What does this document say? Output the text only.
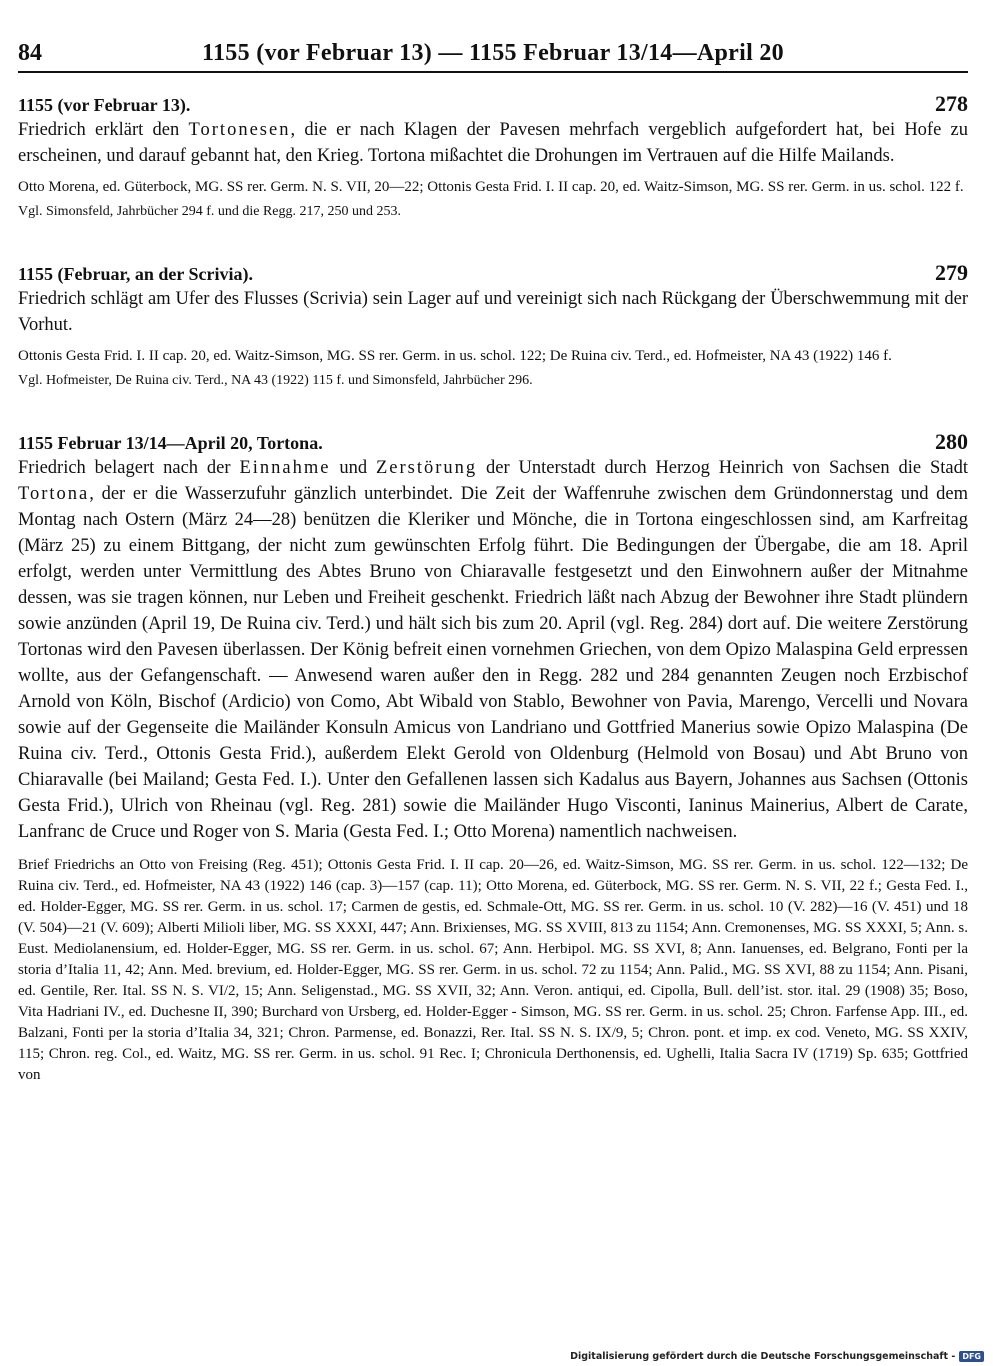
84	1155 (vor Februar 13) — 1155 Februar 13/14—April 20
1155 (vor Februar 13).	278

Friedrich erklärt den Tortonesen, die er nach Klagen der Pavesen mehrfach vergeblich aufgefordert hat, bei Hofe zu erscheinen, und darauf gebannt hat, den Krieg. Tortona mißachtet die Drohungen im Vertrauen auf die Hilfe Mailands.

Otto Morena, ed. Güterbock, MG. SS rer. Germ. N. S. VII, 20—22; Ottonis Gesta Frid. I. II cap. 20, ed. Waitz-Simson, MG. SS rer. Germ. in us. schol. 122 f.

Vgl. Simonsfeld, Jahrbücher 294 f. und die Regg. 217, 250 und 253.

1155 (Februar, an der Scrivia).	279

Friedrich schlägt am Ufer des Flusses (Scrivia) sein Lager auf und vereinigt sich nach Rückgang der Überschwemmung mit der Vorhut.

Ottonis Gesta Frid. I. II cap. 20, ed. Waitz-Simson, MG. SS rer. Germ. in us. schol. 122; De Ruina civ. Terd., ed. Hofmeister, NA 43 (1922) 146 f.

Vgl. Hofmeister, De Ruina civ. Terd., NA 43 (1922) 115 f. und Simonsfeld, Jahrbücher 296.

1155 Februar 13/14—April 20, Tortona.	280

Friedrich belagert nach der Einnahme und Zerstörung der Unterstadt durch Herzog Heinrich von Sachsen die Stadt Tortona, der er die Wasserzufuhr gänzlich unterbindet. Die Zeit der Waffenruhe zwischen dem Gründonnerstag und dem Montag nach Ostern (März 24—28) benützen die Kleriker und Mönche, die in Tortona eingeschlossen sind, am Karfreitag (März 25) zu einem Bittgang, der nicht zum gewünschten Erfolg führt. Die Bedingungen der Übergabe, die am 18. April erfolgt, werden unter Vermittlung des Abtes Bruno von Chiaravalle festgesetzt und den Einwohnern außer der Mitnahme dessen, was sie tragen können, nur Leben und Freiheit geschenkt. Friedrich läßt nach Abzug der Bewohner ihre Stadt plündern sowie anzünden (April 19, De Ruina civ. Terd.) und hält sich bis zum 20. April (vgl. Reg. 284) dort auf. Die weitere Zerstörung Tortonas wird den Pavesen überlassen. Der König befreit einen vornehmen Griechen, von dem Opizo Malaspina Geld erpressen wollte, aus der Gefangenschaft. — Anwesend waren außer den in Regg. 282 und 284 genannten Zeugen noch Erzbischof Arnold von Köln, Bischof (Ardicio) von Como, Abt Wibald von Stablo, Bewohner von Pavia, Marengo, Vercelli und Novara sowie auf der Gegenseite die Mailänder Konsuln Amicus von Landriano und Gottfried Manerius sowie Opizo Malaspina (De Ruina civ. Terd., Ottonis Gesta Frid.), außerdem Elekt Gerold von Oldenburg (Helmold von Bosau) und Abt Bruno von Chiaravalle (bei Mailand; Gesta Fed. I.). Unter den Gefallenen lassen sich Kadalus aus Bayern, Johannes aus Sachsen (Ottonis Gesta Frid.), Ulrich von Rheinau (vgl. Reg. 281) sowie die Mailänder Hugo Visconti, Ianinus Mainerius, Albert de Carate, Lanfranc de Cruce und Roger von S. Maria (Gesta Fed. I.; Otto Morena) namentlich nachweisen.

Brief Friedrichs an Otto von Freising (Reg. 451); Ottonis Gesta Frid. I. II cap. 20—26, ed. Waitz-Simson, MG. SS rer. Germ. in us. schol. 122—132; De Ruina civ. Terd., ed. Hofmeister, NA 43 (1922) 146 (cap. 3)—157 (cap. 11); Otto Morena, ed. Güterbock, MG. SS rer. Germ. N. S. VII, 22 f.; Gesta Fed. I., ed. Holder-Egger, MG. SS rer. Germ. in us. schol. 17; Carmen de gestis, ed. Schmale-Ott, MG. SS rer. Germ. in us. schol. 10 (V. 282)—16 (V. 451) und 18 (V. 504)—21 (V. 609); Alberti Milioli liber, MG. SS XXXI, 447; Ann. Brixienses, MG. SS XVIII, 813 zu 1154; Ann. Cremonenses, MG. SS XXXI, 5; Ann. s. Eust. Mediolanensium, ed. Holder-Egger, MG. SS rer. Germ. in us. schol. 67; Ann. Herbipol. MG. SS XVI, 8; Ann. Ianuenses, ed. Belgrano, Fonti per la storia d’Italia 11, 42; Ann. Med. brevium, ed. Holder-Egger, MG. SS rer. Germ. in us. schol. 72 zu 1154; Ann. Palid., MG. SS XVI, 88 zu 1154; Ann. Pisani, ed. Gentile, Rer. Ital. SS N. S. VI/2, 15; Ann. Seligenstad., MG. SS XVII, 32; Ann. Veron. antiqui, ed. Cipolla, Bull. dell’ist. stor. ital. 29 (1908) 35; Boso, Vita Hadriani IV., ed. Duchesne II, 390; Burchard von Ursberg, ed. Holder-Egger - Simson, MG. SS rer. Germ. in us. schol. 25; Chron. Farfense App. III., ed. Balzani, Fonti per la storia d’Italia 34, 321; Chron. Parmense, ed. Bonazzi, Rer. Ital. SS N. S. IX/9, 5; Chron. pont. et imp. ex cod. Veneto, MG. SS XXIV, 115; Chron. reg. Col., ed. Waitz, MG. SS rer. Germ. in us. schol. 91 Rec. I; Chronicula Derthonensis, ed. Ughelli, Italia Sacra IV (1719) Sp. 635; Gottfried von

Digitalisierung gefördert durch die Deutsche Forschungsgemeinschaft - DFG
